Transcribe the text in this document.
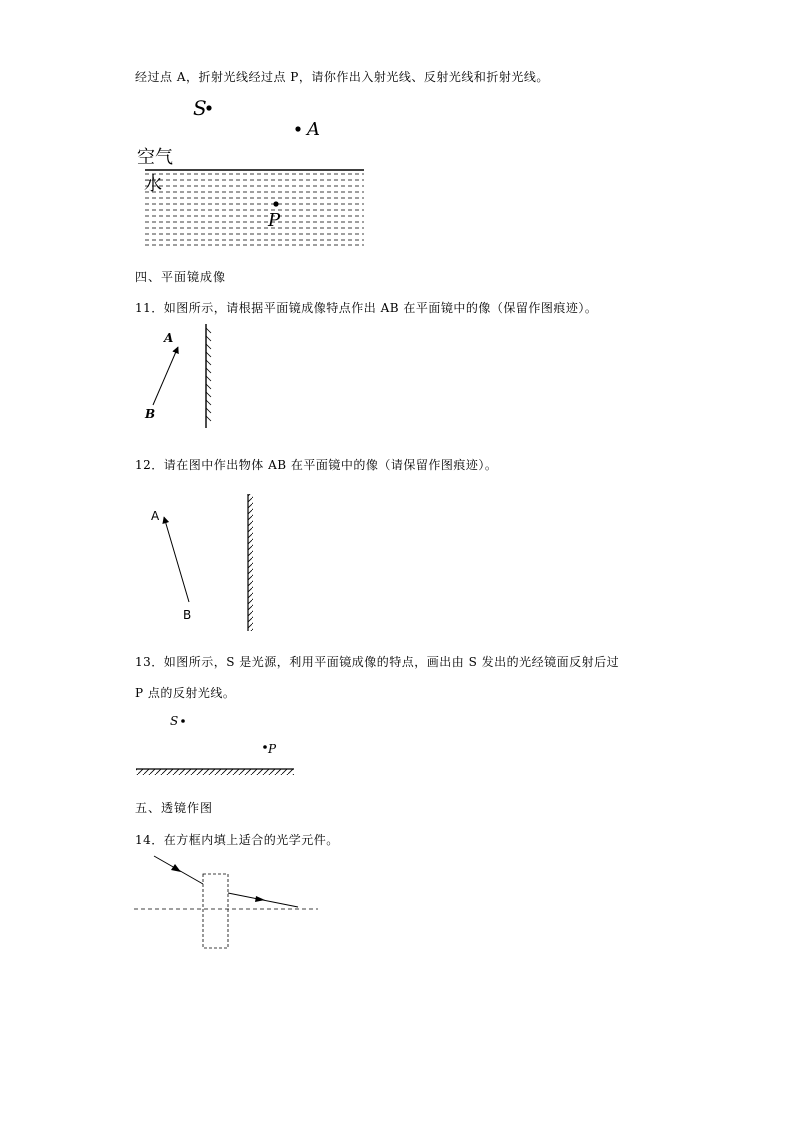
经过点 A，折射光线经过点 P，请你作出入射光线、反射光线和折射光线。
四、平面镜成像
11．如图所示，请根据平面镜成像特点作出 AB 在平面镜中的像（保留作图痕迹）。
12．请在图中作出物体 AB 在平面镜中的像（请保留作图痕迹）。
13．如图所示，S 是光源，利用平面镜成像的特点，画出由 S 发出的光经镜面反射后过
P 点的反射光线。
五、透镜作图
14．在方框内填上适合的光学元件。
S
A
空气
水
P
A
B
A
B
S
P
